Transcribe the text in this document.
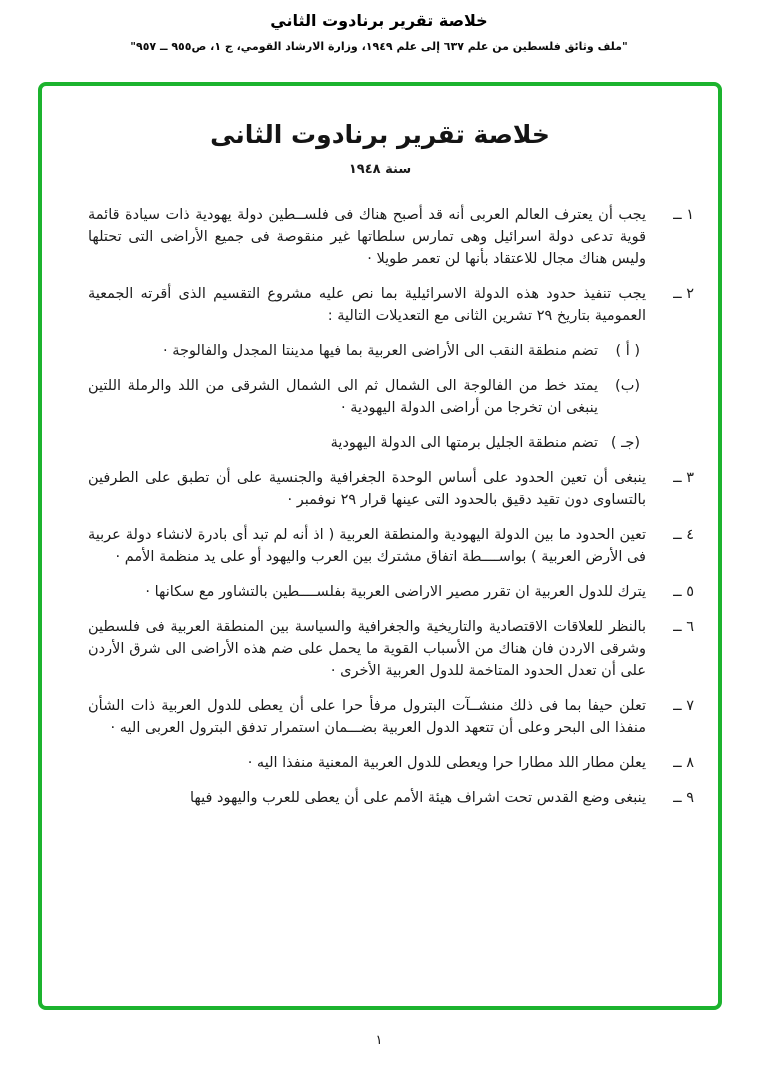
خلاصة تقرير برنادوت الثاني
"ملف وثائق فلسطين من علم ٦٣٧ إلى علم ١٩٤٩، وزارة الارشاد القومي، ج ١، ص٩٥٥ ــ ٩٥٧"
خلاصة تقرير برنادوت الثانى
سنة ١٩٤٨
١ ــ
يجب أن يعترف العالم العربى أنه قد أصبح هناك فى فلســطين دولة يهودية ذات سيادة قائمة قوية تدعى دولة اسرائيل وهى تمارس سلطاتها غير منقوصة فى جميع الأراضى التى تحتلها وليس هناك مجال للاعتقاد بأنها لن تعمر طويلا ·
٢ ــ
يجب تنفيذ حدود هذه الدولة الاسرائيلية بما نص عليه مشروع التقسيم الذى أقرته الجمعية العمومية بتاريخ ٢٩ تشرين الثانى مع التعديلات التالية :
( أ )
تضم منطقة النقب الى الأراضى العربية بما فيها مدينتا المجدل والفالوجة ·
(ب)
يمتد خط من الفالوجة الى الشمال ثم الى الشمال الشرقى من اللد والرملة اللتين ينبغى ان تخرجا من أراضى الدولة اليهودية ·
(جـ )
تضم منطقة الجليل برمتها الى الدولة اليهودية
٣ ــ
ينبغى أن تعين الحدود على أساس الوحدة الجغرافية والجنسية على أن تطبق على الطرفين بالتساوى دون تقيد دقيق بالحدود التى عينها قرار ٢٩ نوفمبر ·
٤ ــ
تعين الحدود ما بين الدولة اليهودية والمنطقة العربية ( اذ أنه لم تبد أى بادرة لانشاء دولة عربية فى الأرض العربية ) بواســــطة اتفاق مشترك بين العرب واليهود أو على يد منظمة الأمم ·
٥ ــ
يترك للدول العربية ان تقرر مصير الاراضى العربية بفلســــطين بالتشاور مع سكانها ·
٦ ــ
بالنظر للعلاقات الاقتصادية والتاريخية والجغرافية والسياسة بين المنطقة العربية فى فلسطين وشرقى الاردن فان هناك من الأسباب القوية ما يحمل على ضم هذه الأراضى الى شرق الأردن على أن تعدل الحدود المتاخمة للدول العربية الأخرى ·
٧ ــ
تعلن حيفا بما فى ذلك منشــآت البترول مرفأ حرا على أن يعطى للدول العربية ذات الشأن منفذا الى البحر وعلى أن تتعهد الدول العربية بضـــمان استمرار تدفق البترول العربى اليه ·
٨ ــ
يعلن مطار اللد مطارا حرا ويعطى للدول العربية المعنية منفذا اليه ·
٩ ــ
ينبغى وضع القدس تحت اشراف هيئة الأمم على أن يعطى للعرب واليهود فيها
١
